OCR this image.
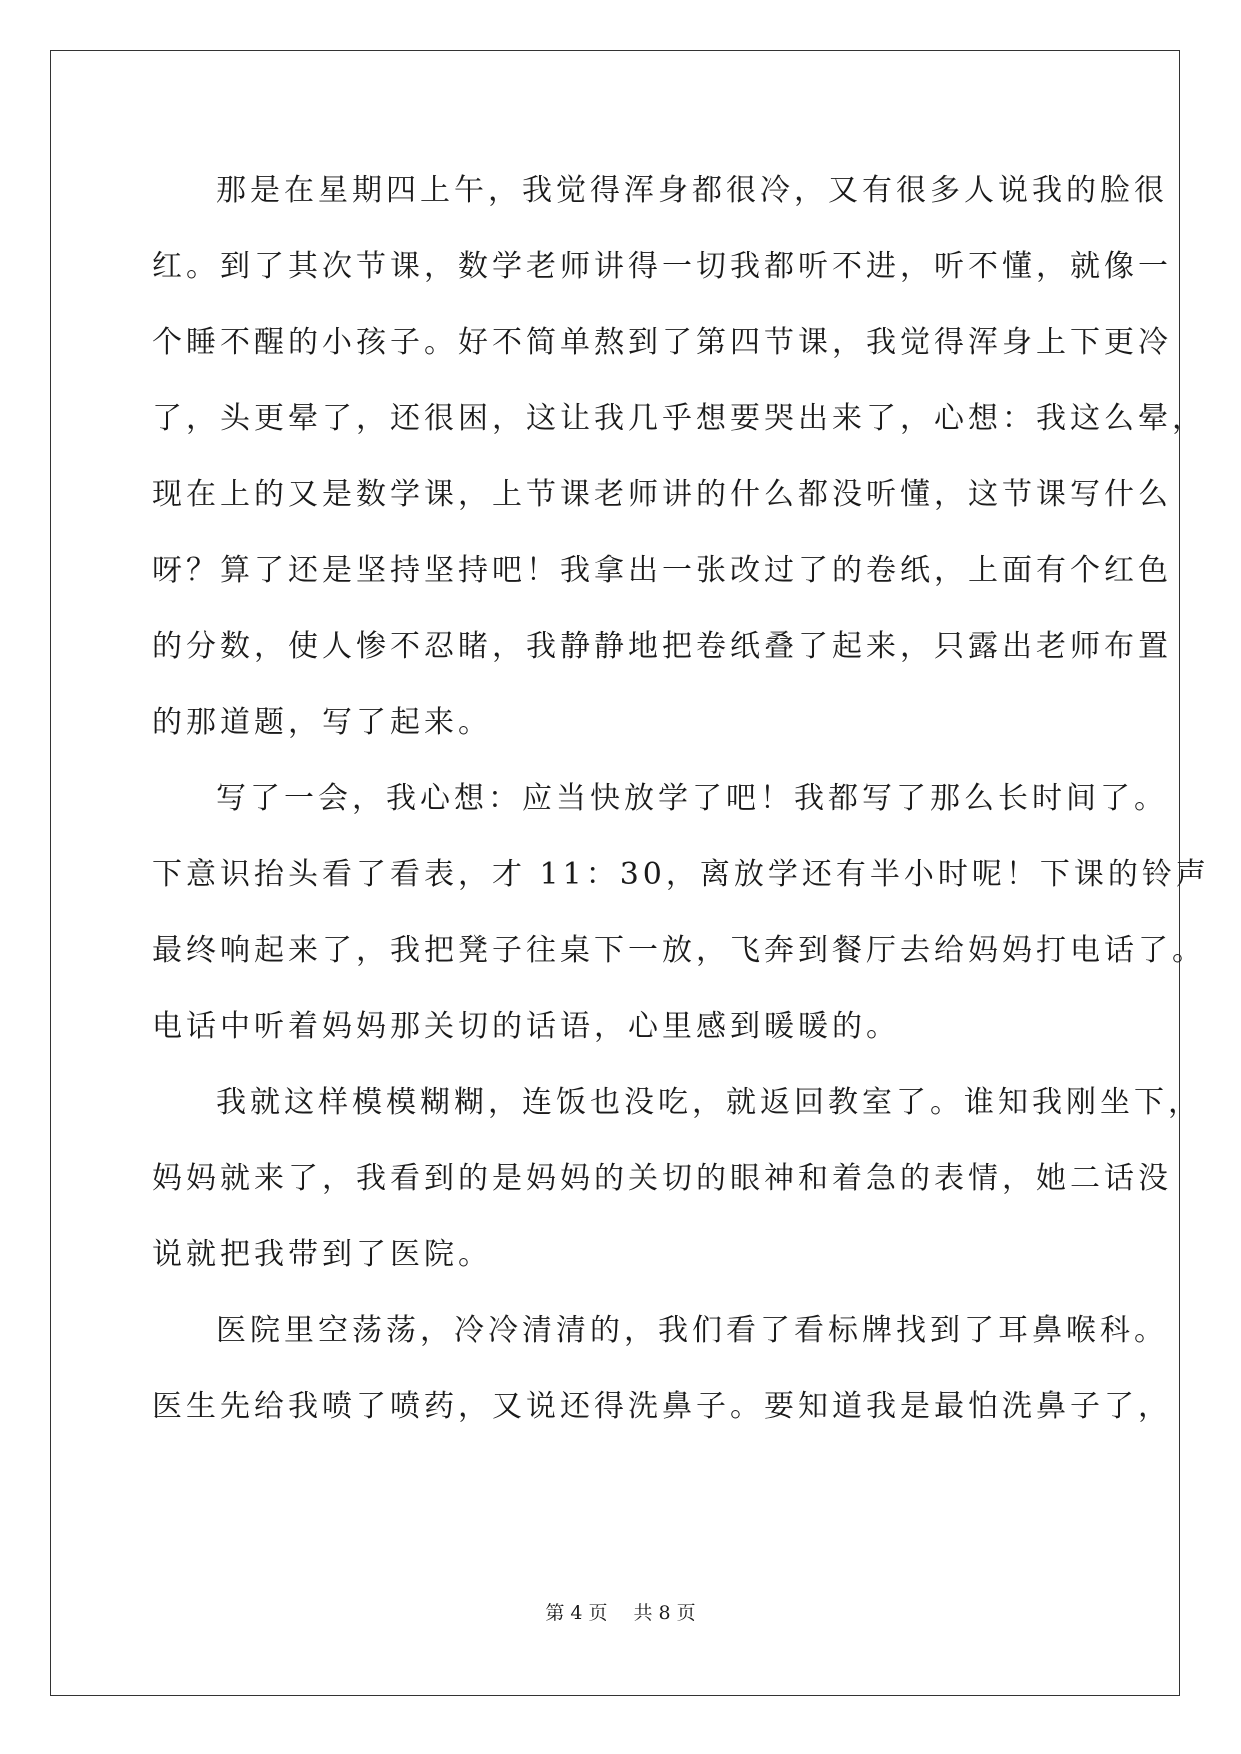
那是在星期四上午，我觉得浑身都很冷，又有很多人说我的脸很
红。到了其次节课，数学老师讲得一切我都听不进，听不懂，就像一
个睡不醒的小孩子。好不简单熬到了第四节课，我觉得浑身上下更冷
了，头更晕了，还很困，这让我几乎想要哭出来了，心想：我这么晕，
现在上的又是数学课，上节课老师讲的什么都没听懂，这节课写什么
呀？算了还是坚持坚持吧！我拿出一张改过了的卷纸，上面有个红色
的分数，使人惨不忍睹，我静静地把卷纸叠了起来，只露出老师布置
的那道题，写了起来。
写了一会，我心想：应当快放学了吧！我都写了那么长时间了。
下意识抬头看了看表，才 11：30，离放学还有半小时呢！下课的铃声
最终响起来了，我把凳子往桌下一放，飞奔到餐厅去给妈妈打电话了。
电话中听着妈妈那关切的话语，心里感到暖暖的。
我就这样模模糊糊，连饭也没吃，就返回教室了。谁知我刚坐下，
妈妈就来了，我看到的是妈妈的关切的眼神和着急的表情，她二话没
说就把我带到了医院。
医院里空荡荡，冷冷清清的，我们看了看标牌找到了耳鼻喉科。
医生先给我喷了喷药，又说还得洗鼻子。要知道我是最怕洗鼻子了，
第 4 页 共 8 页
